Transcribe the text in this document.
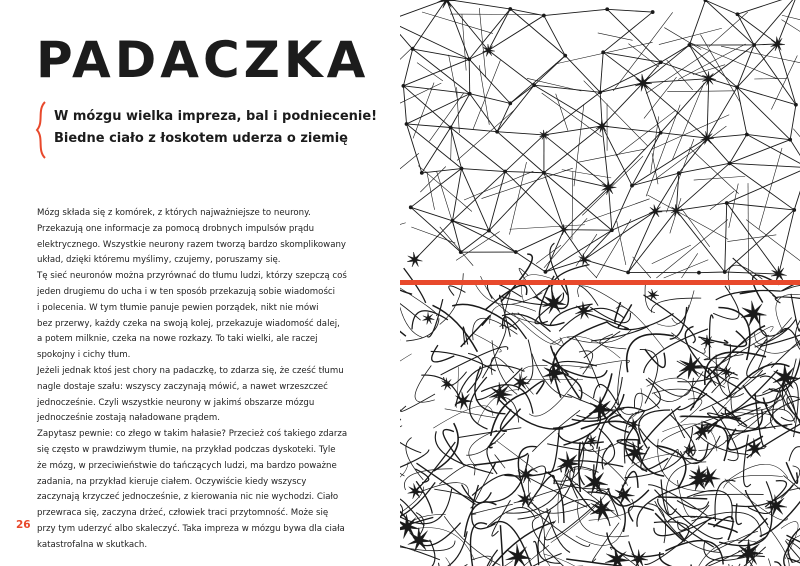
PADACZKA

W mózgu wielka impreza, bal i podniecenie!
Biedne ciało z łoskotem uderza o ziemię

Mózg składa się z komórek, z których najważniejsze to neurony.
Przekazują one informacje za pomocą drobnych impulsów prądu
elektrycznego. Wszystkie neurony razem tworzą bardzo skomplikowany
układ, dzięki któremu myślimy, czujemy, poruszamy się.
Tę sieć neuronów można przyrównać do tłumu ludzi, którzy szepczą coś
jeden drugiemu do ucha i w ten sposób przekazują sobie wiadomości
i polecenia. W tym tłumie panuje pewien porządek, nikt nie mówi
bez przerwy, każdy czeka na swoją kolej, przekazuje wiadomość dalej,
a potem milknie, czeka na nowe rozkazy. To taki wielki, ale raczej
spokojny i cichy tłum.
Jeżeli jednak ktoś jest chory na padaczkę, to zdarza się, że cześć tłumu
nagle dostaje szału: wszyscy zaczynają mówić, a nawet wrzeszczeć
jednocześnie. Czyli wszystkie neurony w jakimś obszarze mózgu
jednocześnie zostają naładowane prądem.
Zapytasz pewnie: co złego w takim hałasie? Przecież coś takiego zdarza
się często w prawdziwym tłumie, na przykład podczas dyskoteki. Tyle
że mózg, w przeciwieństwie do tańczących ludzi, ma bardzo poważne
zadania, na przykład kieruje ciałem. Oczywiście kiedy wszyscy
zaczynają krzyczeć jednocześnie, z kierowania nic nie wychodzi. Ciało
przewraca się, zaczyna drżeć, człowiek traci przytomność. Może się
przy tym uderzyć albo skaleczyć. Taka impreza w mózgu bywa dla ciała
katastrofalna w skutkach.

26
